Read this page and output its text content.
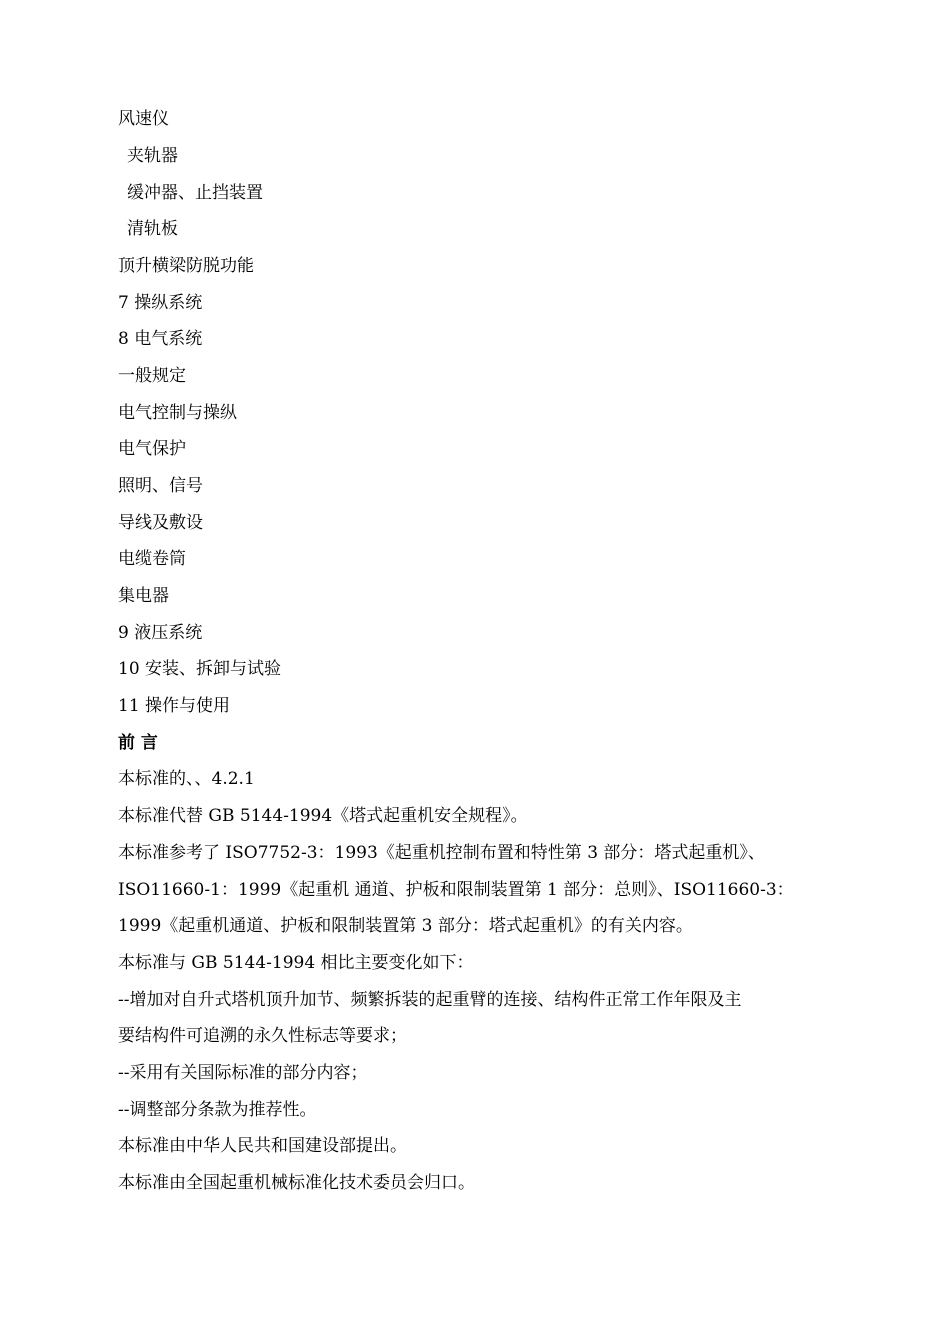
风速仪
夹轨器
缓冲器、止挡装置
清轨板
顶升横梁防脱功能
7 操纵系统
8 电气系统
一般规定
电气控制与操纵
电气保护
照明、信号
导线及敷设
电缆卷筒
集电器
9 液压系统
10 安装、拆卸与试验
11 操作与使用
前 言
本标准的、、4.2.1
本标准代替 GB 5144-1994《塔式起重机安全规程》。
本标准参考了 ISO7752-3：1993《起重机控制布置和特性第 3 部分：塔式起重机》、
ISO11660-1：1999《起重机 通道、护板和限制装置第 1 部分：总则》、ISO11660-3：
1999《起重机通道、护板和限制装置第 3 部分：塔式起重机》的有关内容。
本标准与 GB 5144-1994 相比主要变化如下：
--增加对自升式塔机顶升加节、频繁拆装的起重臂的连接、结构件正常工作年限及主
要结构件可追溯的永久性标志等要求；
--采用有关国际标准的部分内容；
--调整部分条款为推荐性。
本标准由中华人民共和国建设部提出。
本标准由全国起重机械标准化技术委员会归口。
